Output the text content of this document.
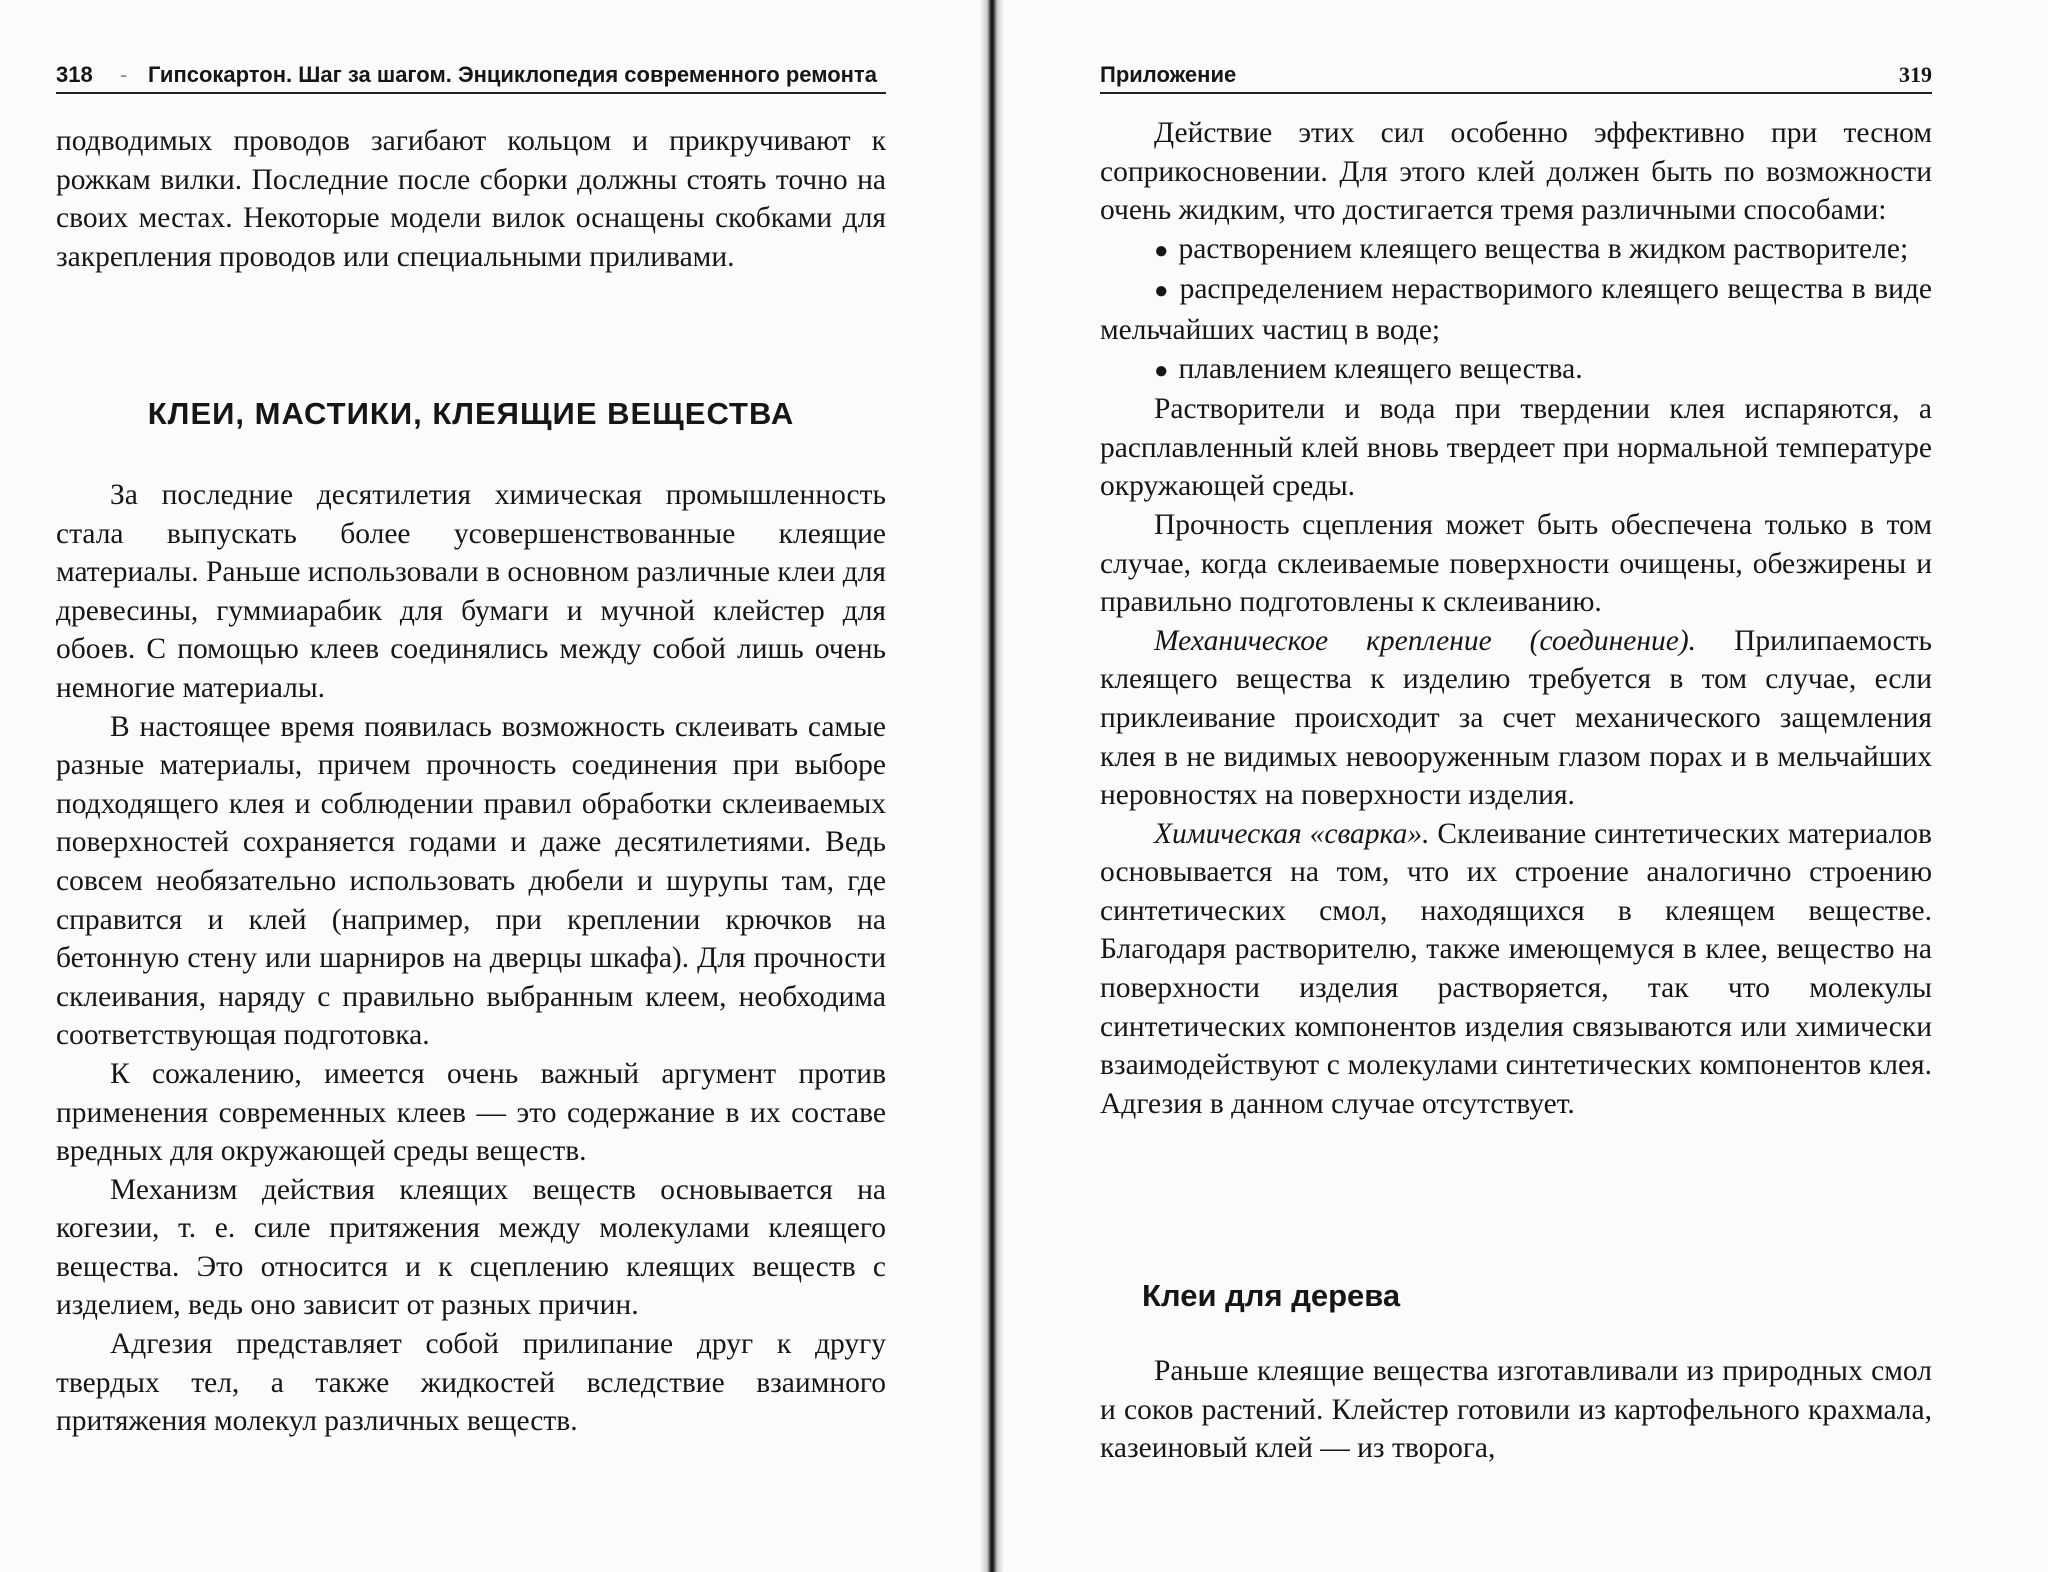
318 - Гипсокартон. Шаг за шагом. Энциклопедия современного ремонта

подводимых проводов загибают кольцом и прикручивают к рожкам вилки. Последние после сборки должны стоять точно на своих местах. Некоторые модели вилок оснащены скобками для закрепления проводов или специальными приливами.

КЛЕИ, МАСТИКИ, КЛЕЯЩИЕ ВЕЩЕСТВА

За последние десятилетия химическая промышленность стала выпускать более усовершенствованные клеящие материалы. Раньше использовали в основном различные клеи для древесины, гуммиарабик для бумаги и мучной клейстер для обоев. С помощью клеев соединялись между собой лишь очень немногие материалы.

В настоящее время появилась возможность склеивать самые разные материалы, причем прочность соединения при выборе подходящего клея и соблюдении правил обработки склеиваемых поверхностей сохраняется годами и даже десятилетиями. Ведь совсем необязательно использовать дюбели и шурупы там, где справится и клей (например, при креплении крючков на бетонную стену или шарниров на дверцы шкафа). Для прочности склеивания, наряду с правильно выбранным клеем, необходима соответствующая подготовка.

К сожалению, имеется очень важный аргумент против применения современных клеев — это содержание в их составе вредных для окружающей среды веществ.

Механизм действия клеящих веществ основывается на когезии, т. е. силе притяжения между молекулами клеящего вещества. Это относится и к сцеплению клеящих веществ с изделием, ведь оно зависит от разных причин.

Адгезия представляет собой прилипание друг к другу твердых тел, а также жидкостей вследствие взаимного притяжения молекул различных веществ.

Приложение	319

Действие этих сил особенно эффективно при тесном соприкосновении. Для этого клей должен быть по возможности очень жидким, что достигается тремя различными способами:

● растворением клеящего вещества в жидком растворителе;
● распределением нерастворимого клеящего вещества в виде мельчайших частиц в воде;
● плавлением клеящего вещества.

Растворители и вода при твердении клея испаряются, а расплавленный клей вновь твердеет при нормальной температуре окружающей среды.

Прочность сцепления может быть обеспечена только в том случае, когда склеиваемые поверхности очищены, обезжирены и правильно подготовлены к склеиванию.

Механическое крепление (соединение). Прилипаемость клеящего вещества к изделию требуется в том случае, если приклеивание происходит за счет механического защемления клея в не видимых невооруженным глазом порах и в мельчайших неровностях на поверхности изделия.

Химическая «сварка». Склеивание синтетических материалов основывается на том, что их строение аналогично строению синтетических смол, находящихся в клеящем веществе. Благодаря растворителю, также имеющемуся в клее, вещество на поверхности изделия растворяется, так что молекулы синтетических компонентов изделия связываются или химически взаимодействуют с молекулами синтетических компонентов клея. Адгезия в данном случае отсутствует.

Клеи для дерева

Раньше клеящие вещества изготавливали из природных смол и соков растений. Клейстер готовили из картофельного крахмала, казеиновый клей — из творога,
